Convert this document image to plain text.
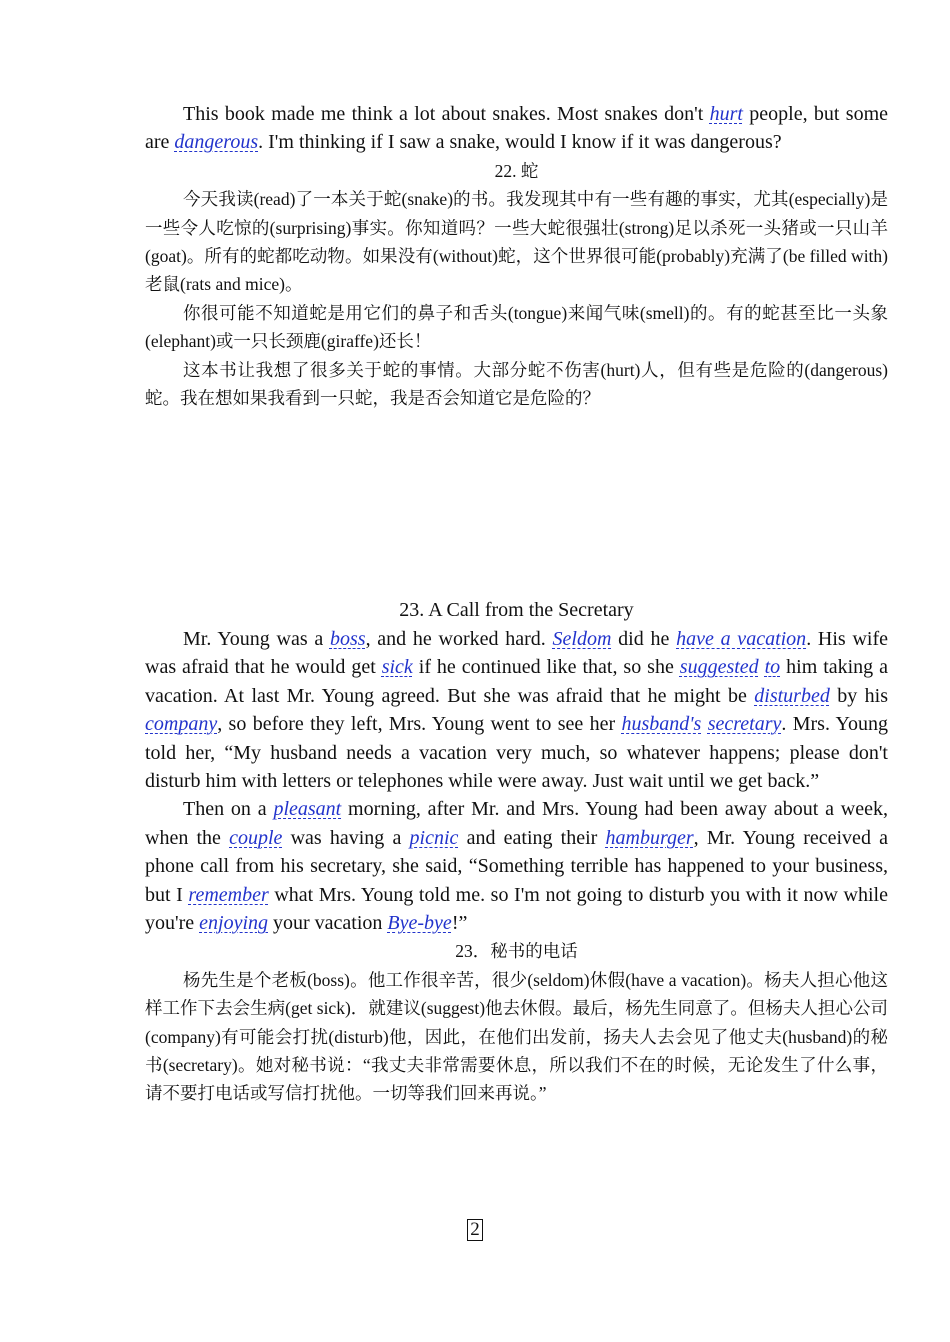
This book made me think a lot about snakes. Most snakes don't hurt people, but some are dangerous. I'm thinking if I saw a snake, would I know if it was dangerous?

22. 蛇

今天我读(read)了一本关于蛇(snake)的书。我发现其中有一些有趣的事实，尤其(especially)是一些令人吃惊的(surprising)事实。你知道吗？一些大蛇很强壮(strong)足以杀死一头猪或一只山羊(goat)。所有的蛇都吃动物。如果没有(without)蛇，这个世界很可能(probably)充满了(be filled with)老鼠(rats and mice)。

你很可能不知道蛇是用它们的鼻子和舌头(tongue)来闻气味(smell)的。有的蛇甚至比一头象(elephant)或一只长颈鹿(giraffe)还长！

这本书让我想了很多关于蛇的事情。大部分蛇不伤害(hurt)人，但有些是危险的(dangerous)蛇。我在想如果我看到一只蛇，我是否会知道它是危险的？

23. A Call from the Secretary

Mr. Young was a boss, and he worked hard. Seldom did he have a vacation. His wife was afraid that he would get sick if he continued like that, so she suggested to him taking a vacation. At last Mr. Young agreed. But she was afraid that he might be disturbed by his company, so before they left, Mrs. Young went to see her husband's secretary. Mrs. Young told her, “My husband needs a vacation very much, so whatever happens; please don't disturb him with letters or telephones while were away. Just wait until we get back.”

Then on a pleasant morning, after Mr. and Mrs. Young had been away about a week, when the couple was having a picnic and eating their hamburger, Mr. Young received a phone call from his secretary, she said, “Something terrible has happened to your business, but I remember what Mrs. Young told me. so I'm not going to disturb you with it now while you're enjoying your vacation Bye-bye!”

23．秘书的电话

杨先生是个老板(boss)。他工作很辛苦，很少(seldom)休假(have a vacation)。杨夫人担心他这样工作下去会生病(get sick)．就建议(suggest)他去休假。最后，杨先生同意了。但杨夫人担心公司(company)有可能会打扰(disturb)他，因此，在他们出发前，扬夫人去会见了他丈夫(husband)的秘书(secretary)。她对秘书说：“我丈夫非常需要休息，所以我们不在的时候，无论发生了什么事，请不要打电话或写信打扰他。一切等我们回来再说。”

2
